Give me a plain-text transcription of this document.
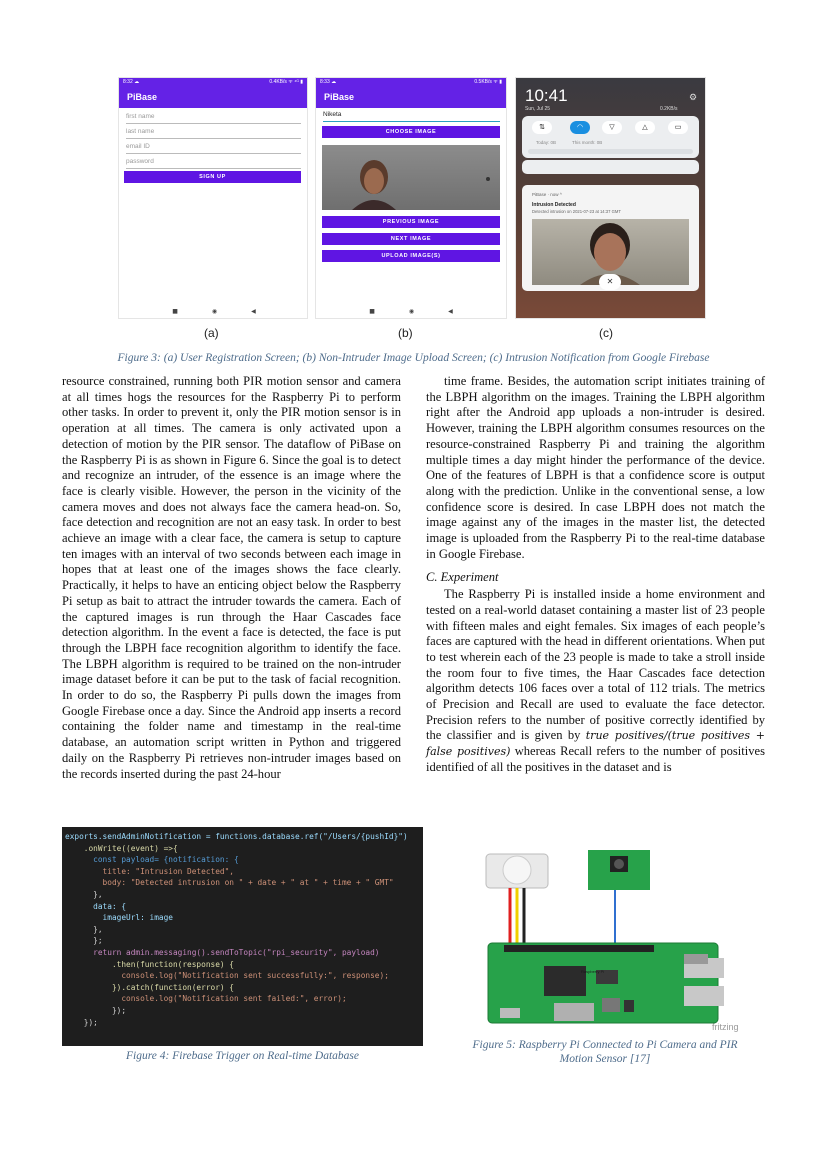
8:32 ☁	0.4KB/s ᯤ ⁴ᴳ ▮
PiBase
first name
last name
email ID
password
SIGN UP
■	◉	◀
(a)
8:33 ☁	0.5KB/s ᯤ ▮
PiBase
Niketa
CHOOSE IMAGE
PREVIOUS IMAGE
NEXT IMAGE
UPLOAD IMAGE(S)
■	◉	◀
(b)
10:41	⚙
Sun, Jul 25	0.2KB/s
⇅	◠	▽	△	▭
Today: 0B	This month: 0B
PiBase · now ^
Intrusion Detected
Detected intrusion on 2021-07-23 at 14:37 GMT
✕
(c)
Figure 3: (a) User Registration Screen; (b) Non-Intruder Image Upload Screen; (c) Intrusion Notification from Google Firebase

resource constrained, running both PIR motion sensor and camera at all times hogs the resources for the Raspberry Pi to perform other tasks. In order to prevent it, only the PIR motion sensor is in operation at all times. The camera is only activated upon a detection of motion by the PIR sensor. The dataflow of PiBase on the Raspberry Pi is as shown in Figure 6. Since the goal is to detect and recognize an intruder, of the essence is an image where the face is clearly visible. However, the person in the vicinity of the camera moves and does not always face the camera head-on. So, face detection and recognition are not an easy task. In order to best achieve an image with a clear face, the camera is setup to capture ten images with an interval of two seconds between each image in hopes that at least one of the images shows the face clearly. Practically, it helps to have an enticing object below the Raspberry Pi setup as bait to attract the intruder towards the camera. Each of the captured images is run through the Haar Cascades face detection algorithm. In the event a face is detected, the face is put through the LBPH face recognition algorithm to identify the face. The LBPH algorithm is required to be trained on the non-intruder image dataset before it can be put to the task of facial recognition. In order to do so, the Raspberry Pi pulls down the images from Google Firebase once a day. Since the Android app inserts a record containing the folder name and timestamp in the real-time database, an automation script written in Python and triggered daily on the Raspberry Pi retrieves non-intruder images based on the records inserted during the past 24-hour

time frame. Besides, the automation script initiates training of the LBPH algorithm on the images. Training the LBPH algorithm right after the Android app uploads a non-intruder is desired. However, training the LBPH algorithm consumes resources on the resource-constrained Raspberry Pi and training the algorithm multiple times a day might hinder the performance of the device. One of the features of LBPH is that a confidence score is output along with the prediction. Unlike in the conventional sense, a low confidence score is desired. In case LBPH does not match the image against any of the images in the master list, the detected image is uploaded from the Raspberry Pi to the real-time database in Google Firebase.

C. Experiment

The Raspberry Pi is installed inside a home environment and tested on a real-world dataset containing a master list of 23 people with fifteen males and eight females. Six images of each people’s faces are captured with the head in different orientations. When put to test wherein each of the 23 people is made to take a stroll inside the room four to five times, the Haar Cascades face detection algorithm detects 106 faces over a total of 112 trials. The metrics of Precision and Recall are used to evaluate the face detector. Precision refers to the number of positive correctly identified by the classifier and is given by true positives/(true positives + false positives) whereas Recall refers to the number of positives identified of all the positives in the dataset and is

exports.sendAdminNotification = functions.database.ref("/Users/{pushId}")
.onWrite((event) =>{
const payload= {notification: {
title: "Intrusion Detected",
body: "Detected intrusion on " + date + " at " + time + " GMT"
},
data: {
imageUrl: image
},
};
return admin.messaging().sendToTopic("rpi_security", payload)
.then(function(response) {
console.log("Notification sent successfully:", response);
}).catch(function(error) {
console.log("Notification sent failed:", error);
});
});
Figure 4: Firebase Trigger on Real-time Database
Raspberry Pi
fritzing
Figure 5: Raspberry Pi Connected to Pi Camera and PIR
Motion Sensor [17]
